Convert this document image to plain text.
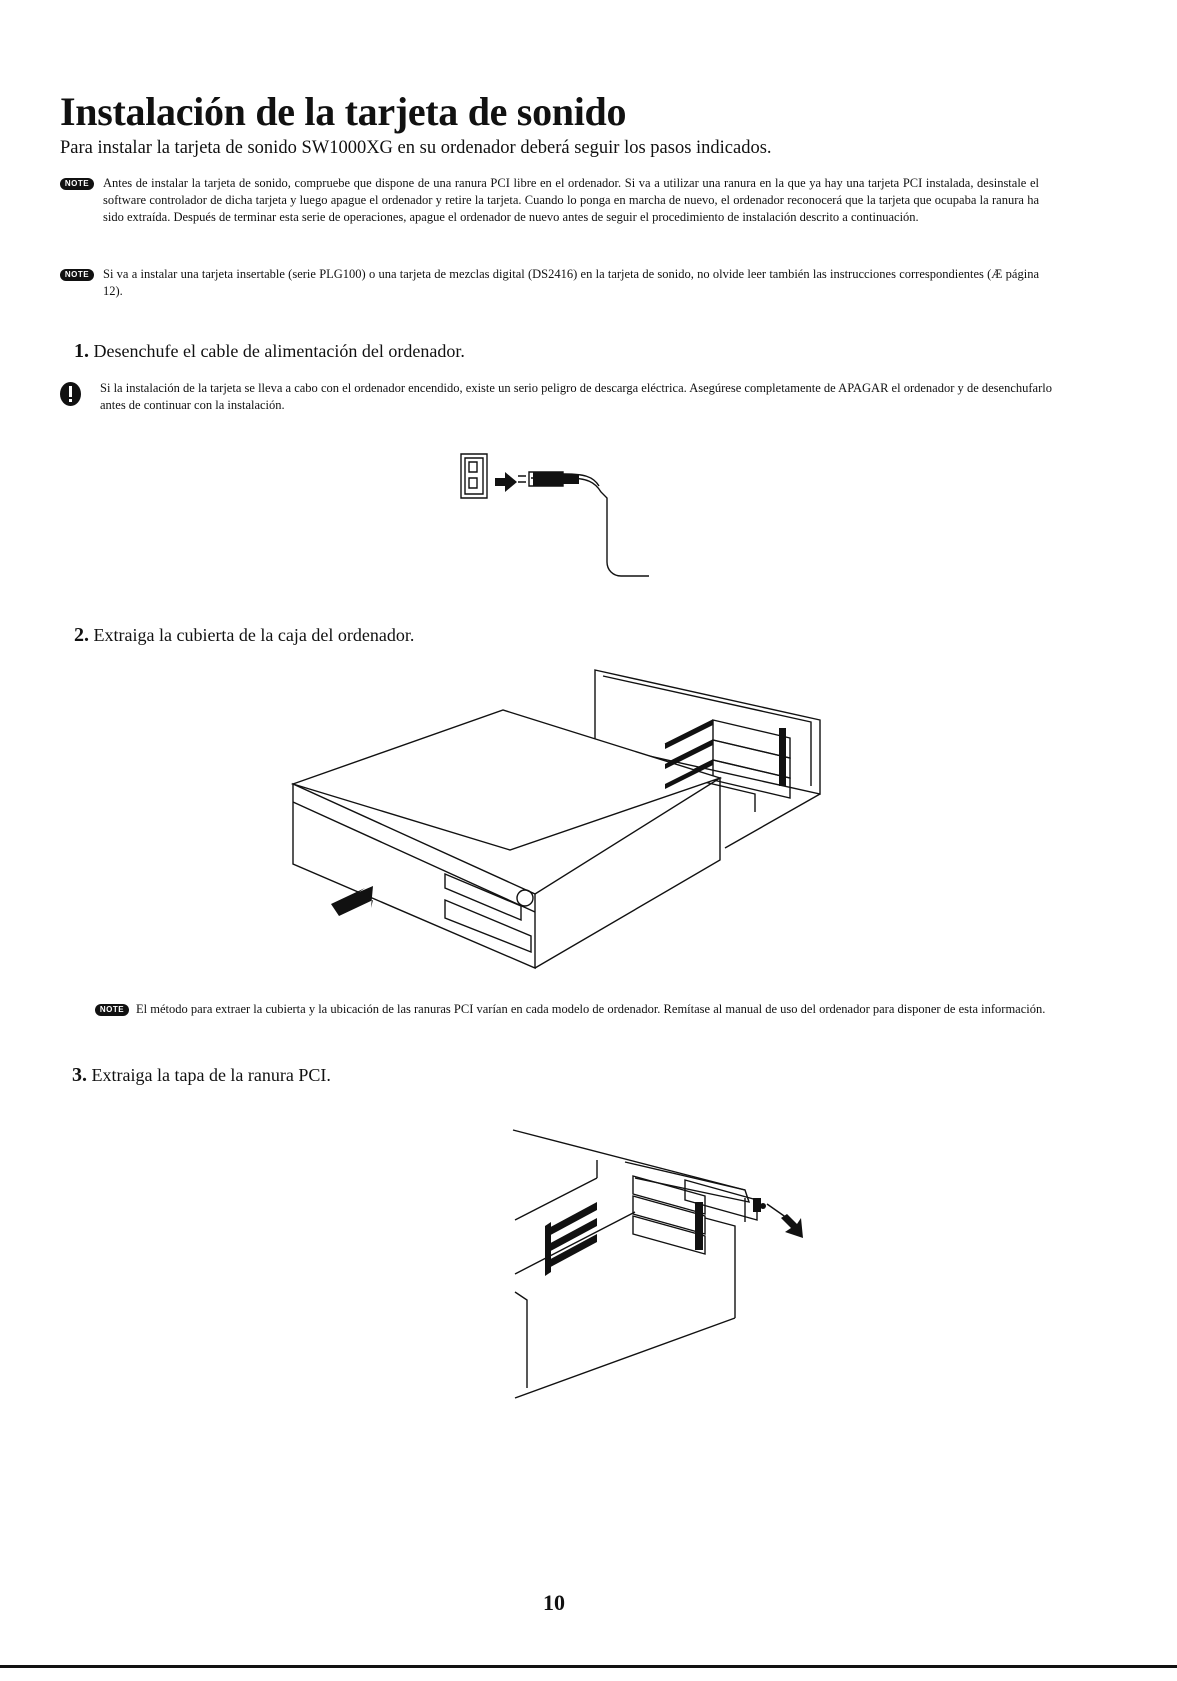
Instalación de la tarjeta de sonido

Para instalar la tarjeta de sonido SW1000XG en su ordenador deberá seguir los pasos indicados.

NOTE	Antes de instalar la tarjeta de sonido, compruebe que dispone de una ranura PCI libre en el ordenador. Si va a utilizar una ranura en la que ya hay una tarjeta PCI instalada, desinstale el software controlador de dicha tarjeta y luego apague el ordenador y retire la tarjeta. Cuando lo ponga en marcha de nuevo, el ordenador reconocerá que la tarjeta que ocupaba la ranura ha sido extraída. Después de terminar esta serie de operaciones, apague el ordenador de nuevo antes de seguir el procedimiento de instalación descrito a continuación.

NOTE	Si va a instalar una tarjeta insertable (serie PLG100) o una tarjeta de mezclas digital (DS2416) en la tarjeta de sonido, no olvide leer también las instrucciones correspondientes (Æ página 12).

1. Desenchufe el cable de alimentación del ordenador.

Si la instalación de la tarjeta se lleva a cabo con el ordenador encendido, existe un serio peligro de descarga eléctrica. Asegúrese completamente de APAGAR el ordenador y de desenchufarlo antes de continuar con la instalación.

2. Extraiga la cubierta de la caja del ordenador.

NOTE El método para extraer la cubierta y la ubicación de las ranuras PCI varían en cada modelo de ordenador. Remítase al manual de uso del ordenador para disponer de esta información.

3. Extraiga la tapa de la ranura PCI.

10
